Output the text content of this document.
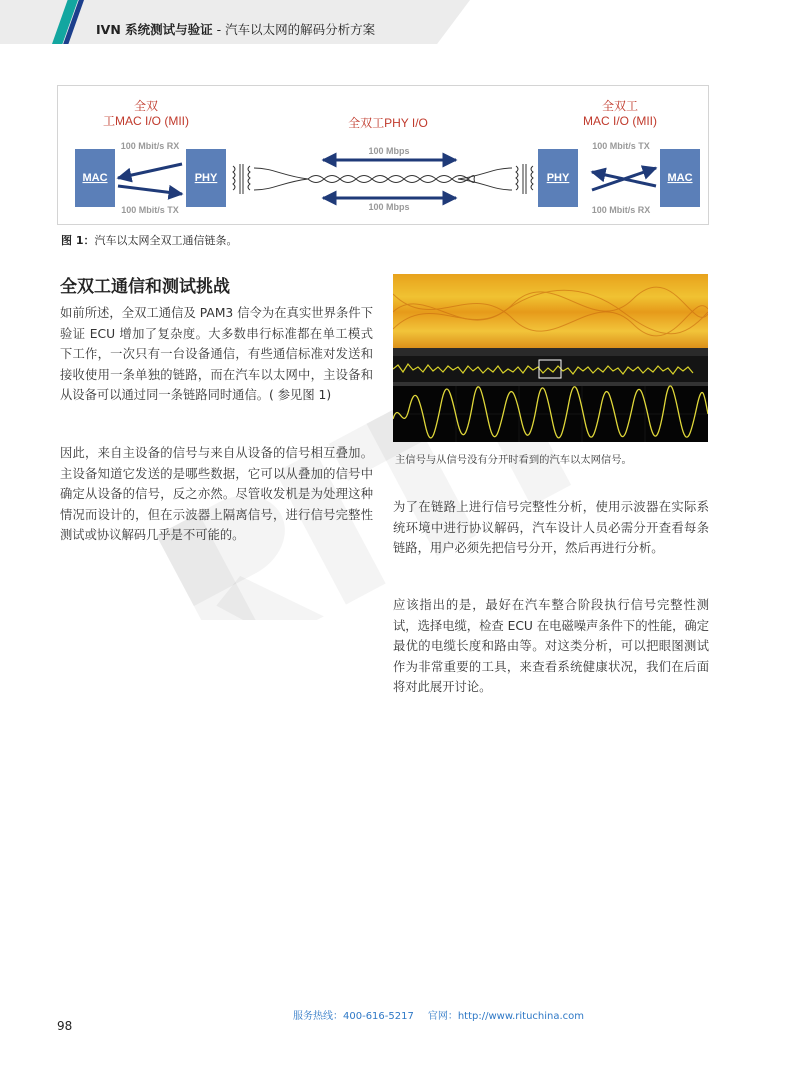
IVN 系统测试与验证 - 汽车以太网的解码分析方案
全双
工MAC I/O (MII)	全双工PHY I/O
全双工
MAC I/O (MII)
MAC	PHY	PHY	MAC
100 Mbit/s RX
100 Mbit/s TX
100 Mbit/s TX
100 Mbit/s RX
100 Mbps
100 Mbps
图 1：汽车以太网全双工通信链条。
全双工通信和测试挑战

如前所述，全双工通信及 PAM3 信令为在真实世界条件下验证 ECU 增加了复杂度。大多数串行标准都在单工模式下工作，一次只有一台设备通信，有些通信标准对发送和接收使用一条单独的链路，而在汽车以太网中，主设备和从设备可以通过同一条链路同时通信。( 参见图 1)

因此，来自主设备的信号与来自从设备的信号相互叠加。主设备知道它发送的是哪些数据，它可以从叠加的信号中确定从设备的信号，反之亦然。尽管收发机是为处理这种情况而设计的，但在示波器上隔离信号，进行信号完整性测试或协议解码几乎是不可能的。

主信号与从信号没有分开时看到的汽车以太网信号。

为了在链路上进行信号完整性分析，使用示波器在实际系统环境中进行协议解码，汽车设计人员必需分开查看每条链路，用户必须先把信号分开，然后再进行分析。

应该指出的是，最好在汽车整合阶段执行信号完整性测试，选择电缆，检查 ECU 在电磁噪声条件下的性能，确定最优的电缆长度和路由等。对这类分析，可以把眼图测试作为非常重要的工具，来查看系统健康状况，我们在后面将对此展开讨论。

服务热线：400-616-5217 官网：http://www.rituchina.com
98
